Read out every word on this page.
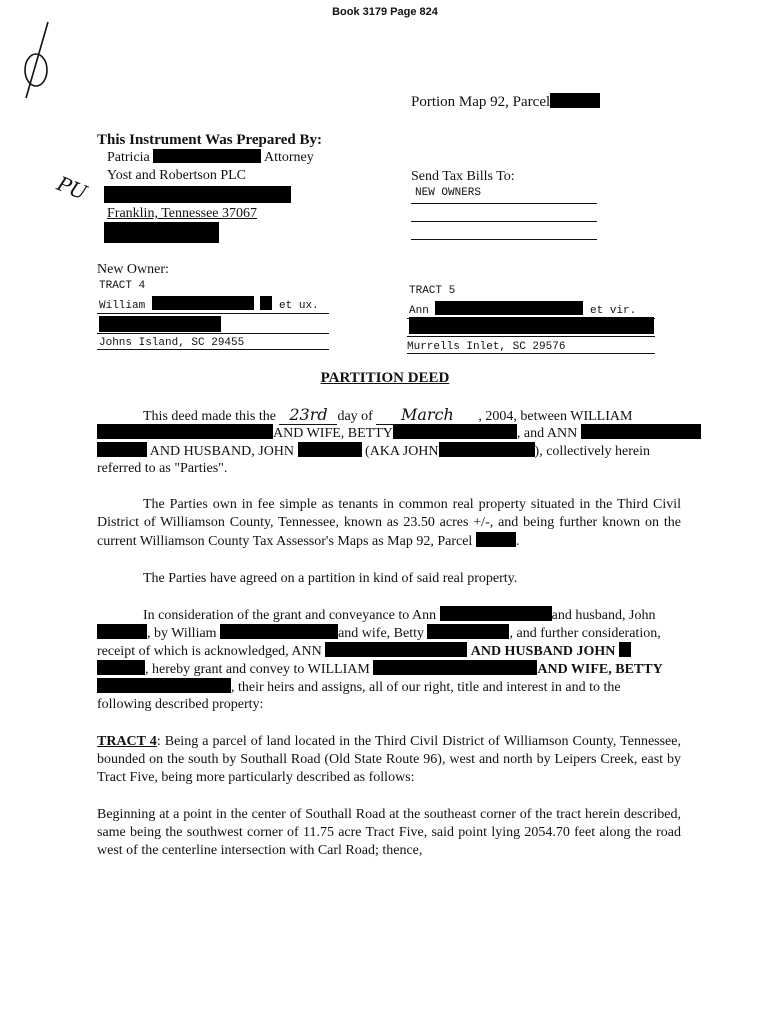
Book 3179 Page 824
PU
Portion Map 92, Parcel
This Instrument Was Prepared By:
Patricia	Attorney
Yost and Robertson PLC
Franklin, Tennessee 37067
Send Tax Bills To:
NEW OWNERS
New Owner:
TRACT 4
William	et ux.
Johns Island, SC 29455
TRACT 5
Ann	et vir.
Murrells Inlet, SC 29576
PARTITION DEED
This deed made this the 23rd day of March , 2004, between WILLIAM
AND WIFE, BETTY	, and ANN
AND HUSBAND, JOHN	(AKA JOHN	), collectively herein
referred to as "Parties".
The Parties own in fee simple as tenants in common real property situated in the Third Civil District of Williamson County, Tennessee, known as 23.50 acres +/-, and being further known on the current Williamson County Tax Assessor's Maps as Map 92, Parcel	.
The Parties have agreed on a partition in kind of said real property.
In consideration of the grant and conveyance to Ann	and husband, John
, by William	and wife, Betty	, and further consideration,
receipt of which is acknowledged, ANN	AND HUSBAND JOHN
, hereby grant and convey to WILLIAM	AND WIFE, BETTY
, their heirs and assigns, all of our right, title and interest in and to the
following described property:
TRACT 4: Being a parcel of land located in the Third Civil District of Williamson County, Tennessee, bounded on the south by Southall Road (Old State Route 96), west and north by Leipers Creek, east by Tract Five, being more particularly described as follows:
Beginning at a point in the center of Southall Road at the southeast corner of the tract herein described, same being the southwest corner of 11.75 acre Tract Five, said point lying 2054.70 feet along the road west of the centerline intersection with Carl Road; thence,
